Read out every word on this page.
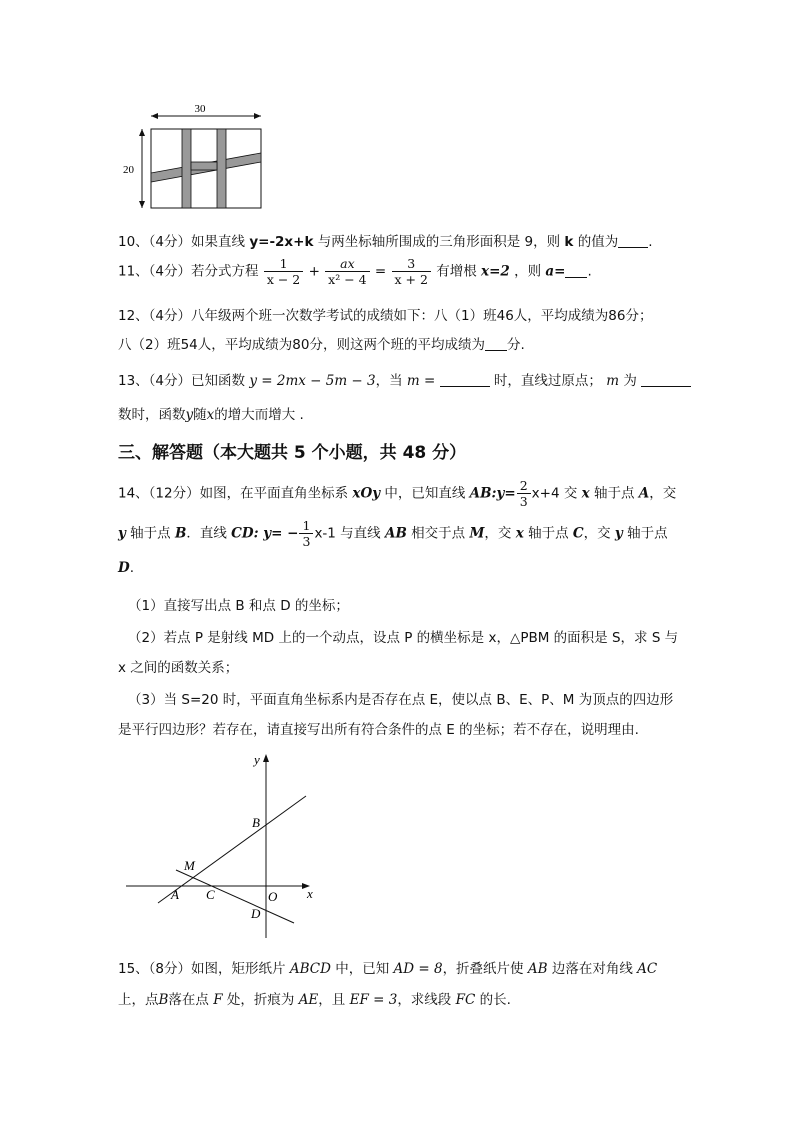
30
20
10、（4分）如果直线 y=-2x+k 与两坐标轴所围成的三角形面积是 9，则 k 的值为 .
11、（4分）若分式方程 $\frac{1}{x - 2} + \frac{ax}{\text{x² − 4}} = \frac{3}{x + 2}$ 有增根 x=2 ，则 a= .
12、（4分）八年级两个班一次数学考试的成绩如下：八（1）班46人，平均成绩为86分；
八（2）班54人，平均成绩为80分，则这两个班的平均成绩为 分.
13、（4分）已知函数 y = 2mx − 5m − 3，当 m =	时，直线过原点； m 为
数时，函数y随x的增大而增大 .
三、解答题（本大题共 5 个小题，共 48 分）
14、（12分）如图，在平面直角坐标系 xOy 中，已知直线 AB:y= $\frac{2}{3} x+4$ 交 x 轴于点 A，交
y 轴于点 B．直线 CD: $y= - \frac{1}{3} x-1$ 与直线 AB 相交于点 M，交 x 轴于点 C，交 y 轴于点
D.
（1）直接写出点 B 和点 D 的坐标；
（2）若点 P 是射线 MD 上的一个动点，设点 P 的横坐标是 x，△PBM 的面积是 S，求 S 与
x 之间的函数关系；
（3）当 S=20 时，平面直角坐标系内是否存在点 E，使以点 B、E、P、M 为顶点的四边形
是平行四边形？若存在，请直接写出所有符合条件的点 E 的坐标；若不存在，说明理由.
y
x
B
M
A C	O
D
15、（8分）如图，矩形纸片 ABCD 中，已知 AD = 8，折叠纸片使 AB 边落在对角线 AC
上，点B落在点 F 处，折痕为 AE，且 EF = 3，求线段 FC 的长.
